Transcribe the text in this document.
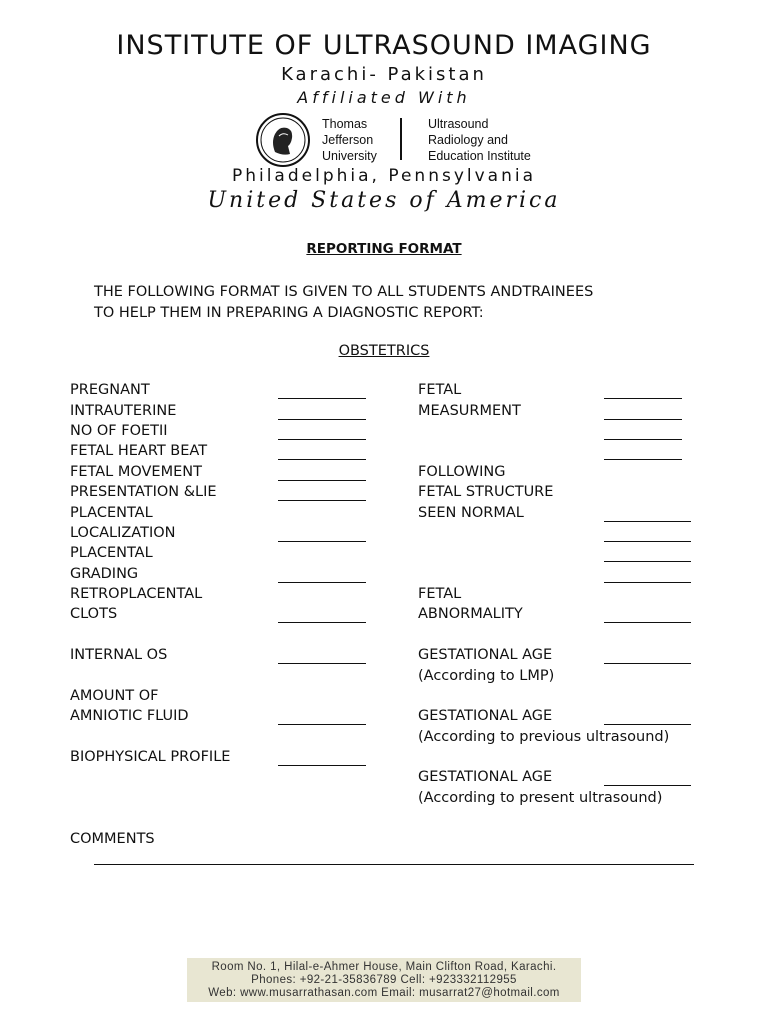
INSTITUTE OF ULTRASOUND IMAGING
Karachi- Pakistan
Affiliated With
Thomas
Jefferson
University
Ultrasound
Radiology and
Education Institute
Philadelphia, Pennsylvania
United States of America
REPORTING FORMAT
THE FOLLOWING FORMAT IS GIVEN TO ALL STUDENTS ANDTRAINEES
TO HELP THEM IN PREPARING A DIAGNOSTIC REPORT:
OBSTETRICS
PREGNANT
INTRAUTERINE
NO OF FOETII
FETAL HEART BEAT
FETAL MOVEMENT
PRESENTATION &LIE
PLACENTAL
LOCALIZATION
PLACENTAL
GRADING
RETROPLACENTAL
CLOTS
INTERNAL OS
AMOUNT OF
AMNIOTIC FLUID
BIOPHYSICAL PROFILE
FETAL
MEASURMENT
FOLLOWING
FETAL STRUCTURE
SEEN NORMAL
FETAL
ABNORMALITY
GESTATIONAL AGE
(According to LMP)
GESTATIONAL AGE
(According to previous ultrasound)
GESTATIONAL AGE
(According to present ultrasound)
COMMENTS
Room No. 1, Hilal-e-Ahmer House, Main Clifton Road, Karachi.
Phones: +92-21-35836789 Cell: +923332112955
Web: www.musarrathasan.com Email: musarrat27@hotmail.com
